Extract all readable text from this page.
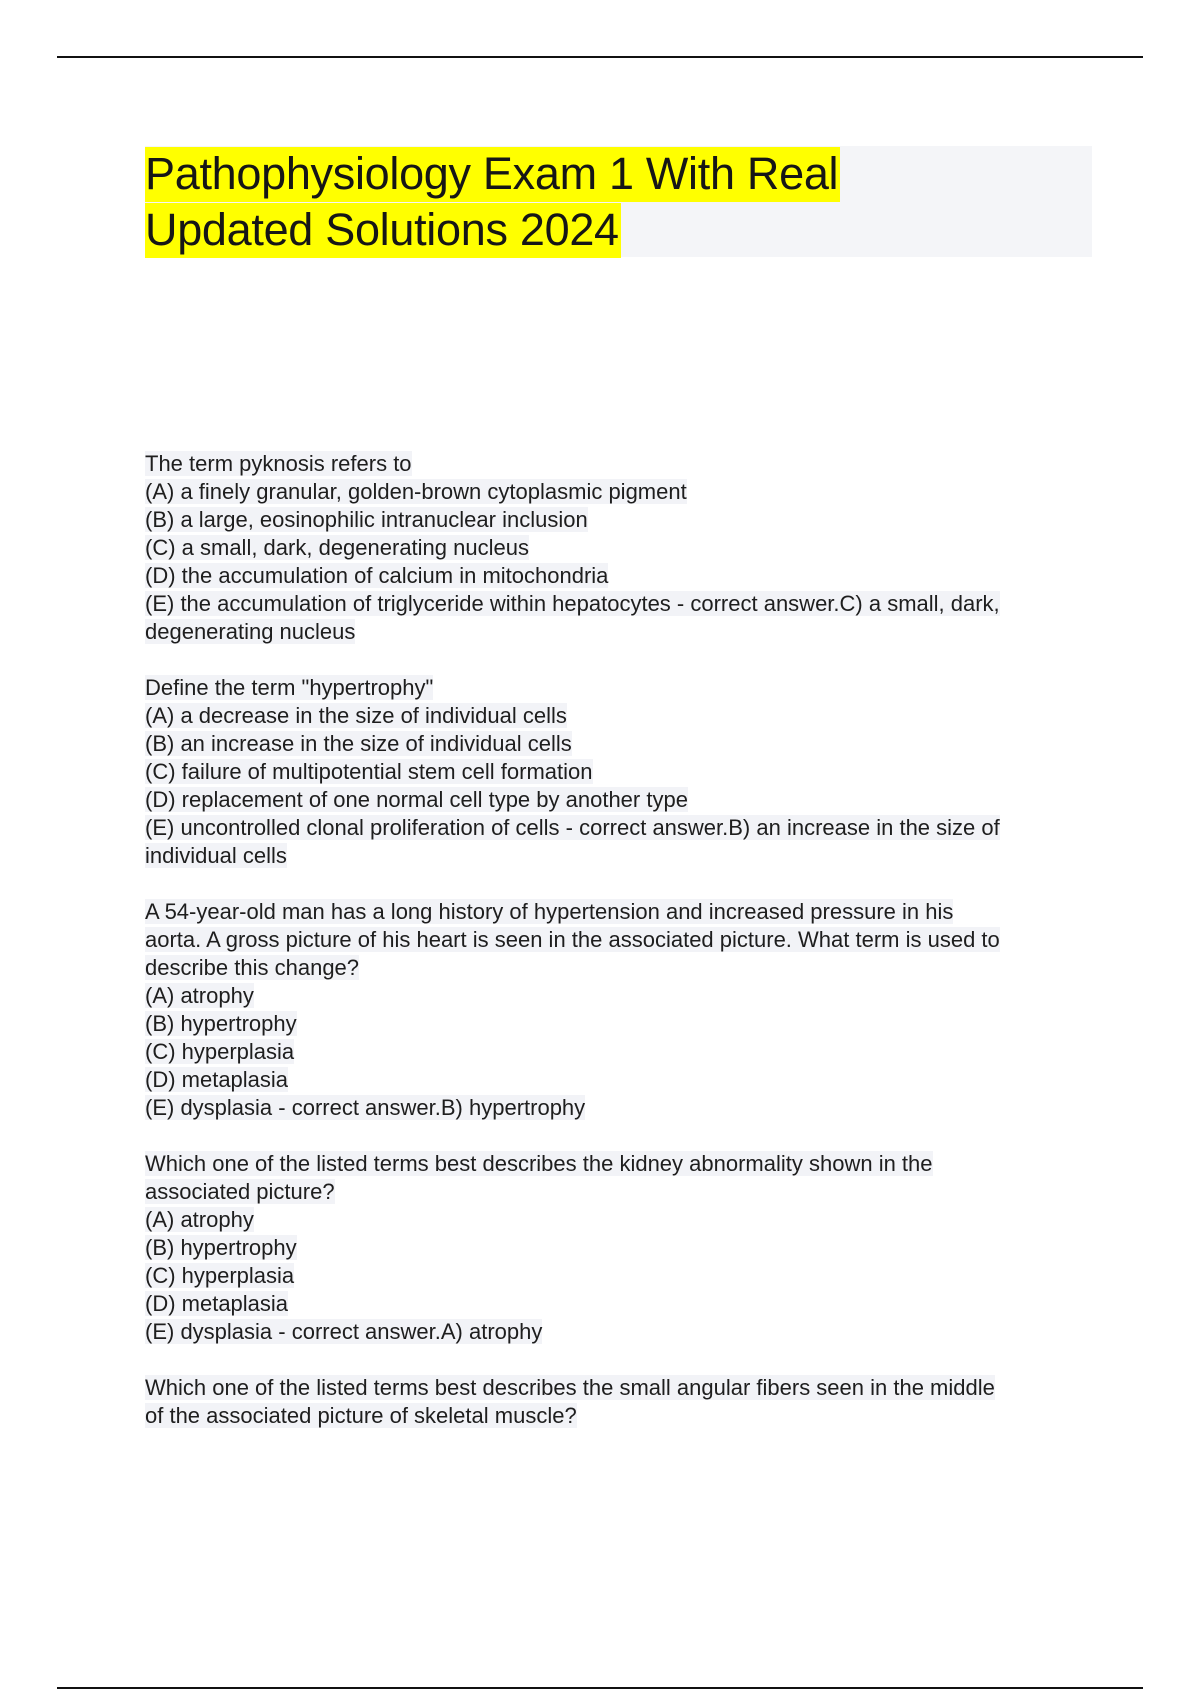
Pathophysiology Exam 1 With Real
Updated Solutions 2024
The term pyknosis refers to
(A) a finely granular, golden-brown cytoplasmic pigment
(B) a large, eosinophilic intranuclear inclusion
(C) a small, dark, degenerating nucleus
(D) the accumulation of calcium in mitochondria
(E) the accumulation of triglyceride within hepatocytes - correct answer.C) a small, dark,
degenerating nucleus
Define the term "hypertrophy"
(A) a decrease in the size of individual cells
(B) an increase in the size of individual cells
(C) failure of multipotential stem cell formation
(D) replacement of one normal cell type by another type
(E) uncontrolled clonal proliferation of cells - correct answer.B) an increase in the size of
individual cells
A 54-year-old man has a long history of hypertension and increased pressure in his
aorta. A gross picture of his heart is seen in the associated picture. What term is used to
describe this change?
(A) atrophy
(B) hypertrophy
(C) hyperplasia
(D) metaplasia
(E) dysplasia - correct answer.B) hypertrophy
Which one of the listed terms best describes the kidney abnormality shown in the
associated picture?
(A) atrophy
(B) hypertrophy
(C) hyperplasia
(D) metaplasia
(E) dysplasia - correct answer.A) atrophy
Which one of the listed terms best describes the small angular fibers seen in the middle
of the associated picture of skeletal muscle?
